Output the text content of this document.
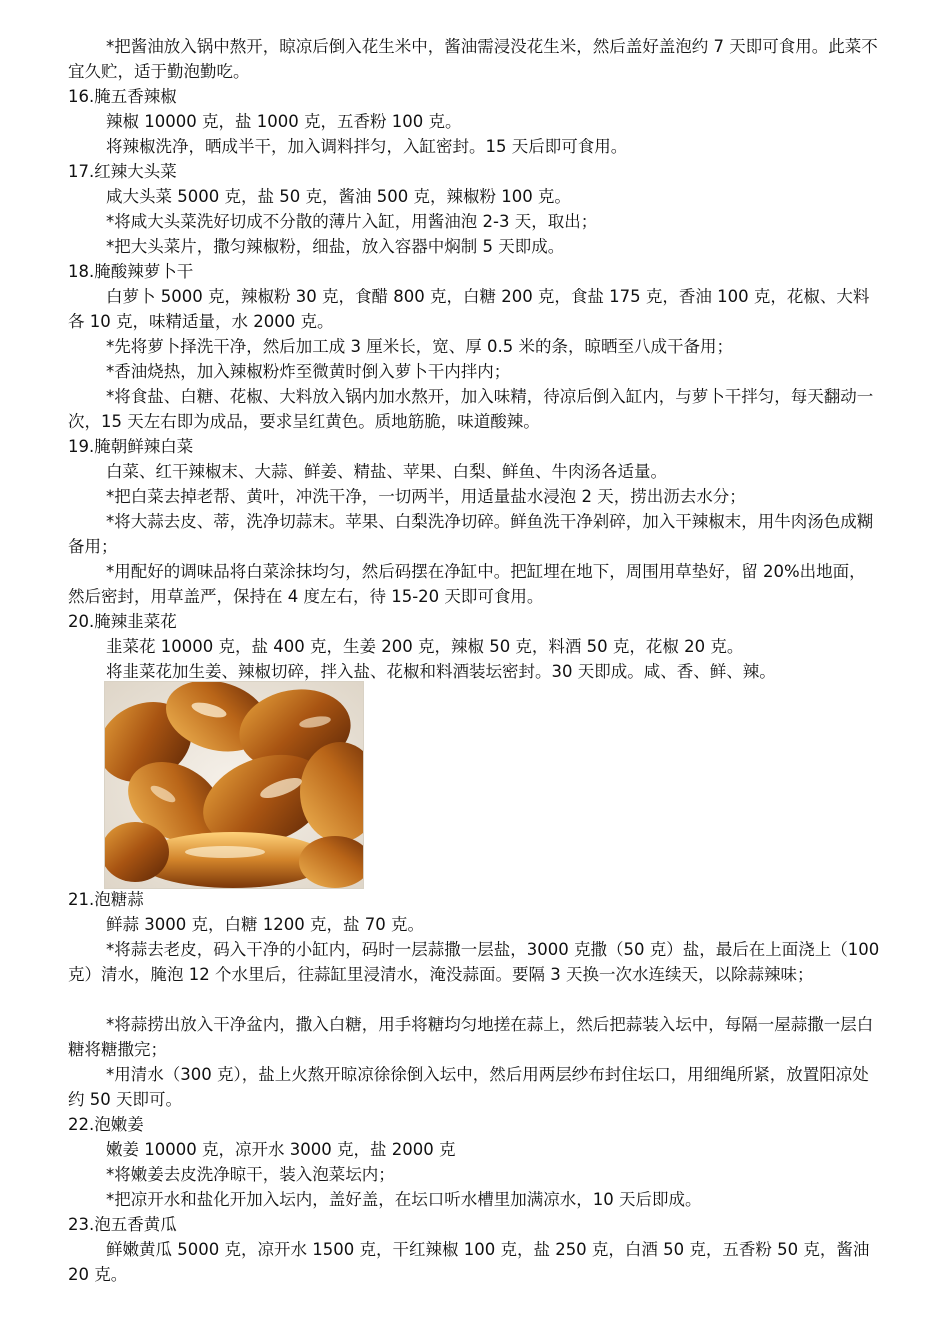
*把酱油放入锅中熬开，晾凉后倒入花生米中，酱油需浸没花生米，然后盖好盖泡约 7 天即可食用。此菜不宜久贮，适于勤泡勤吃。

16.腌五香辣椒

辣椒 10000 克，盐 1000 克，五香粉 100 克。

将辣椒洗净，晒成半干，加入调料拌匀，入缸密封。15 天后即可食用。

17.红辣大头菜

咸大头菜 5000 克，盐 50 克，酱油 500 克，辣椒粉 100 克。

*将咸大头菜洗好切成不分散的薄片入缸，用酱油泡 2-3 天，取出；

*把大头菜片，撒匀辣椒粉，细盐，放入容器中焖制 5 天即成。

18.腌酸辣萝卜干

白萝卜 5000 克，辣椒粉 30 克，食醋 800 克，白糖 200 克，食盐 175 克，香油 100 克，花椒、大料各 10 克，味精适量，水 2000 克。

*先将萝卜择洗干净，然后加工成 3 厘米长，宽、厚 0.5 米的条，晾晒至八成干备用；

*香油烧热，加入辣椒粉炸至微黄时倒入萝卜干内拌内；

*将食盐、白糖、花椒、大料放入锅内加水熬开，加入味精，待凉后倒入缸内，与萝卜干拌匀，每天翻动一次，15 天左右即为成品，要求呈红黄色。质地筋脆，味道酸辣。

19.腌朝鲜辣白菜

白菜、红干辣椒末、大蒜、鲜姜、精盐、苹果、白梨、鲜鱼、牛肉汤各适量。

*把白菜去掉老帮、黄叶，冲洗干净，一切两半，用适量盐水浸泡 2 天，捞出沥去水分；

*将大蒜去皮、蒂，洗净切蒜末。苹果、白梨洗净切碎。鲜鱼洗干净剁碎，加入干辣椒末，用牛肉汤色成糊备用；

*用配好的调味品将白菜涂抹均匀，然后码摆在净缸中。把缸埋在地下，周围用草垫好，留 20%出地面，然后密封，用草盖严，保持在 4 度左右，待 15-20 天即可食用。

20.腌辣韭菜花

韭菜花 10000 克，盐 400 克，生姜 200 克，辣椒 50 克，料酒 50 克，花椒 20 克。

将韭菜花加生姜、辣椒切碎，拌入盐、花椒和料酒装坛密封。30 天即成。咸、香、鲜、辣。

21.泡糖蒜

鲜蒜 3000 克，白糖 1200 克，盐 70 克。

*将蒜去老皮，码入干净的小缸内，码时一层蒜撒一层盐，3000 克撒（50 克）盐，最后在上面浇上（100 克）清水，腌泡 12 个水里后，往蒜缸里浸清水，淹没蒜面。要隔 3 天换一次水连续天，以除蒜辣味；

*将蒜捞出放入干净盆内，撒入白糖，用手将糖均匀地搓在蒜上，然后把蒜装入坛中，每隔一屋蒜撒一层白糖将糖撒完；

*用清水（300 克），盐上火熬开晾凉徐徐倒入坛中，然后用两层纱布封住坛口，用细绳所紧，放置阳凉处约 50 天即可。

22.泡嫩姜

嫩姜 10000 克，凉开水 3000 克，盐 2000 克

*将嫩姜去皮洗净晾干，装入泡菜坛内；

*把凉开水和盐化开加入坛内，盖好盖，在坛口听水槽里加满凉水，10 天后即成。

23.泡五香黄瓜

鲜嫩黄瓜 5000 克，凉开水 1500 克，干红辣椒 100 克，盐 250 克，白酒 50 克，五香粉 50 克，酱油 20 克。
